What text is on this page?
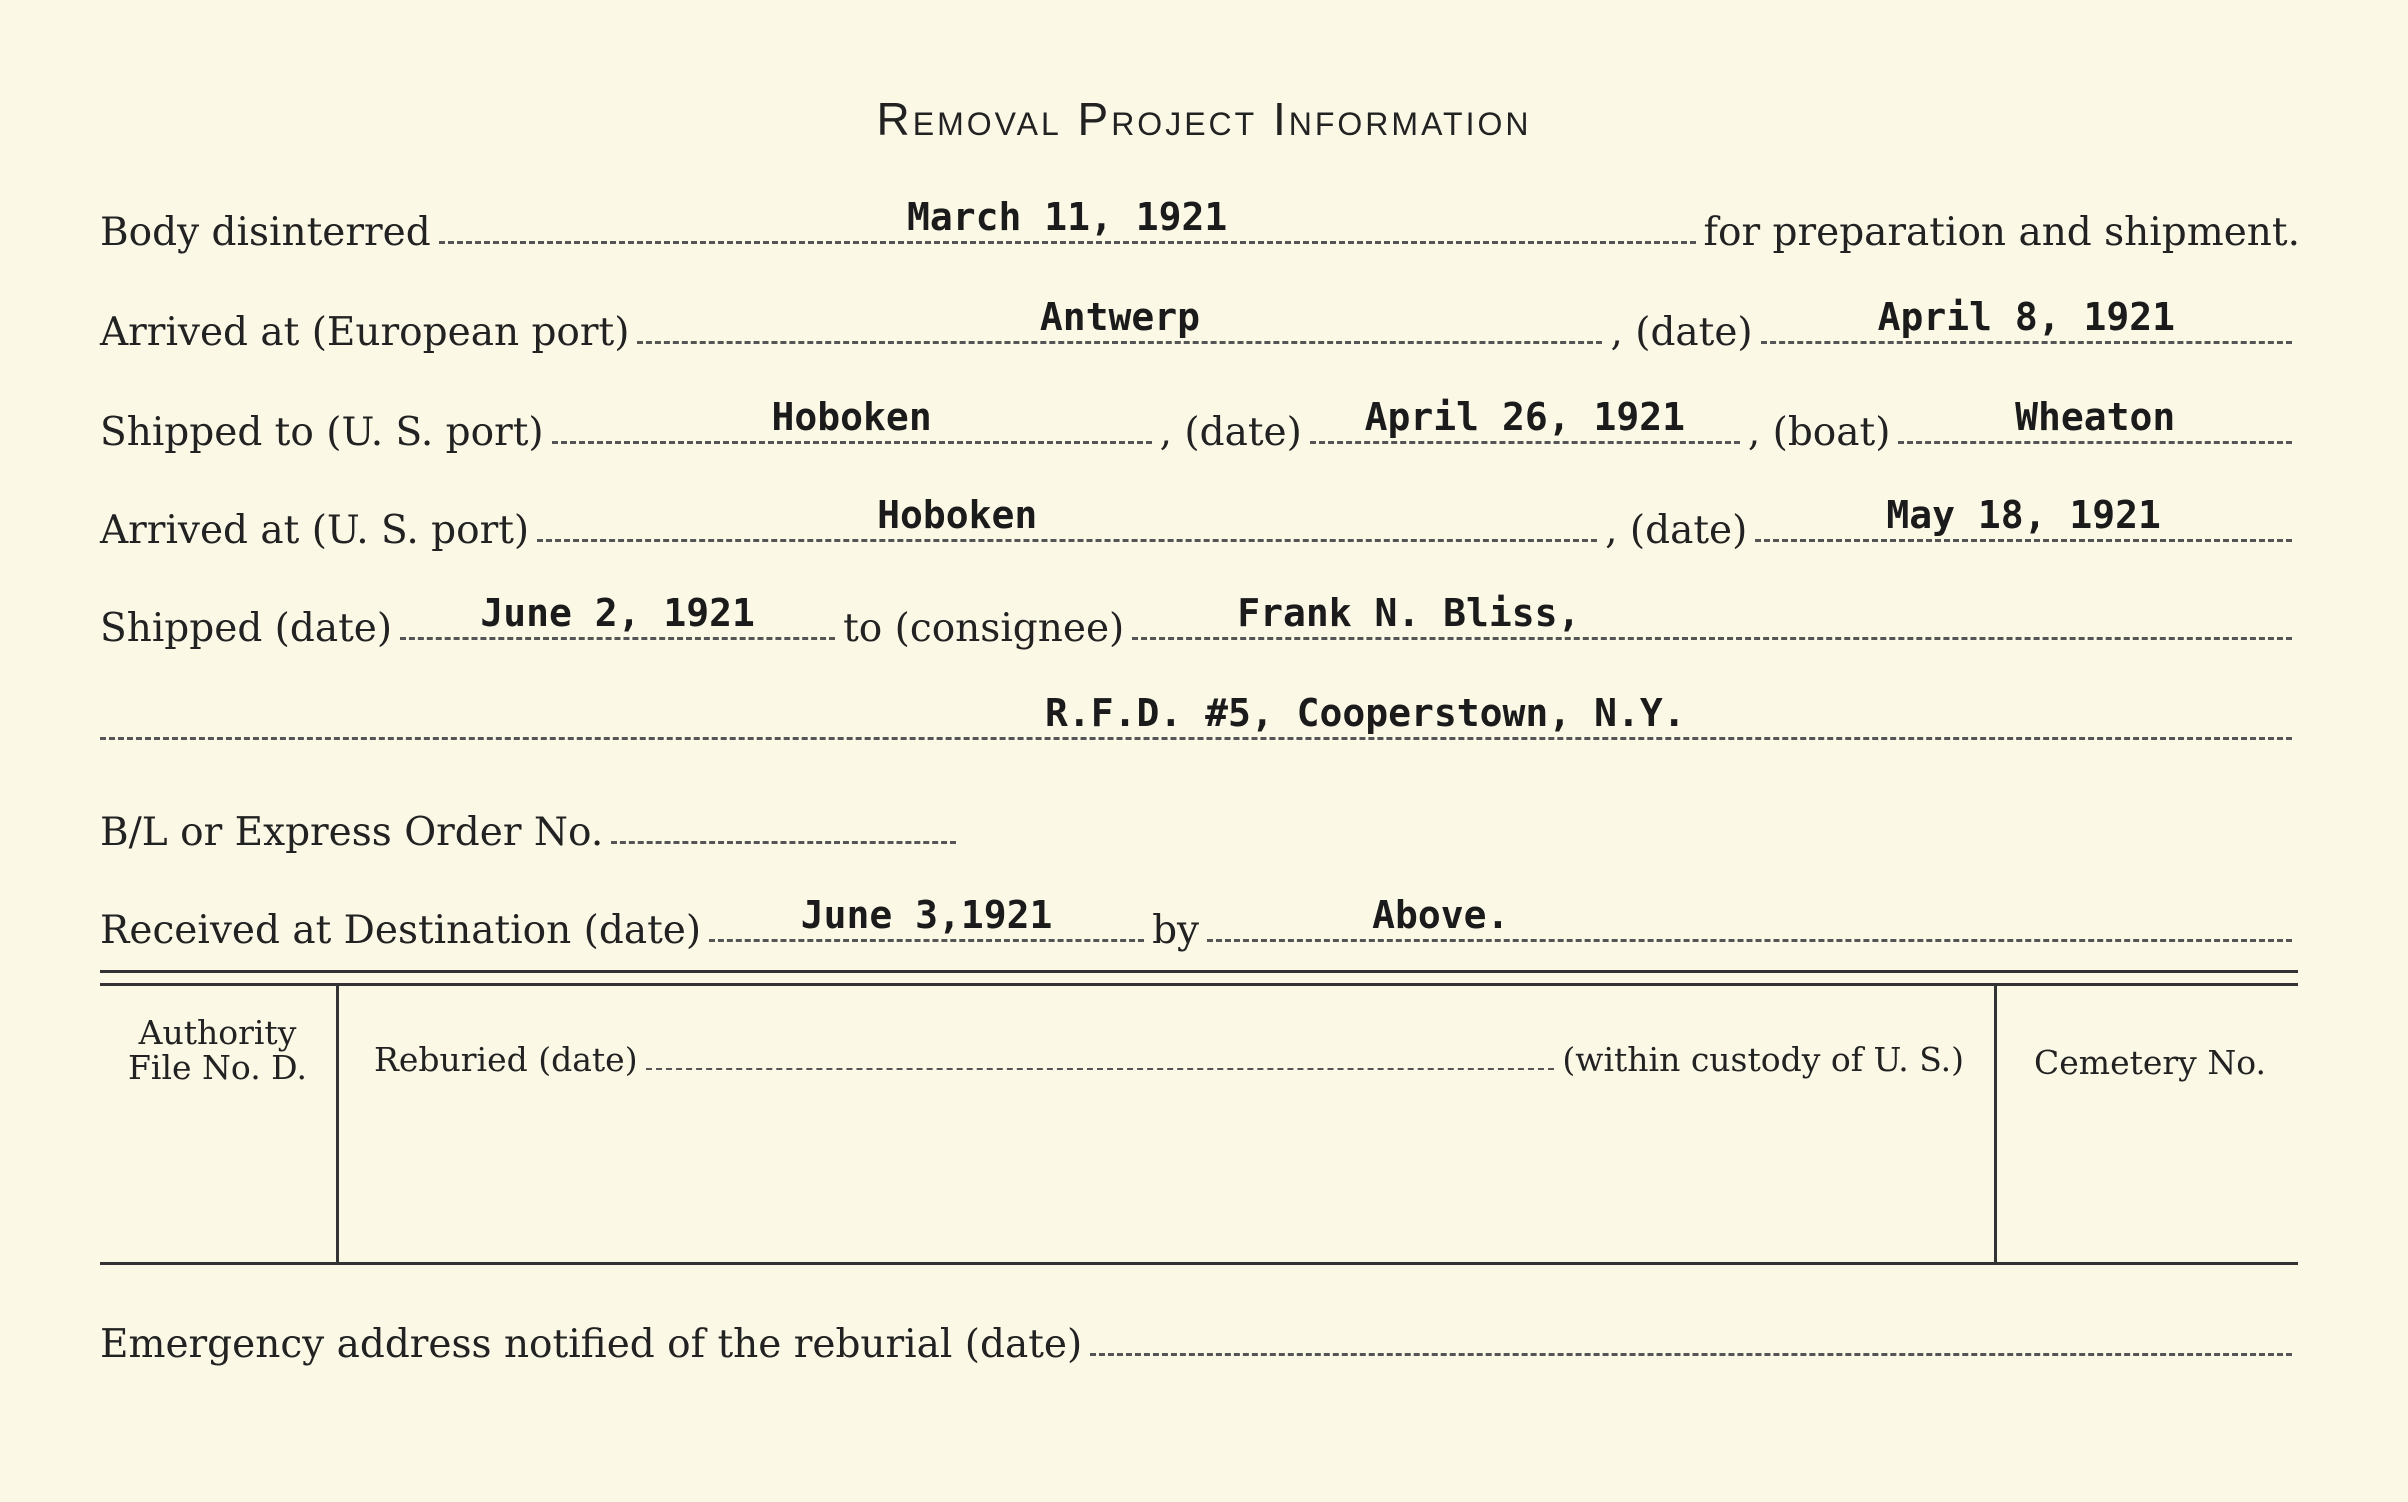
Removal Project Information
Body disinterred	March 11, 1921	for preparation and shipment.
Arrived at (European port)	Antwerp	, (date)	April 8, 1921
Shipped to (U. S. port)	Hoboken	, (date)	April 26, 1921	, (boat)	Wheaton
Arrived at (U. S. port)	Hoboken	, (date)	May 18, 1921
Shipped (date)	June 2, 1921	to (consignee)	Frank N. Bliss,
R.F.D. #5, Cooperstown, N.Y.
B/L or Express Order No.
Received at Destination (date)	June 3,1921	by	Above.
Authority
File No. D.	Reburied (date)	(within custody of U. S.)	Cemetery No.
Emergency address notified of the reburial (date)
